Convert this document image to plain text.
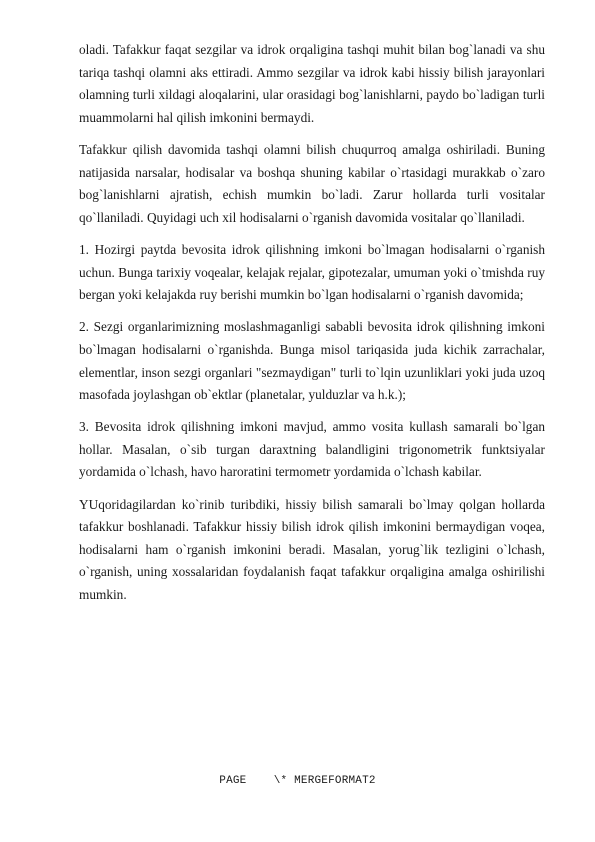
oladi. Tafakkur faqat sezgilar va idrok orqaligina tashqi muhit bilan bog`lanadi va shu tariqa tashqi olamni aks ettiradi. Ammo sezgilar va idrok kabi hissiy bilish jarayonlari olamning turli xildagi aloqalarini, ular orasidagi bog`lanishlarni, paydo bo`ladigan turli muammolarni hal qilish imkonini bermaydi.

Tafakkur qilish davomida tashqi olamni bilish chuqurroq amalga oshiriladi. Buning natijasida narsalar, hodisalar va boshqa shuning kabilar o`rtasidagi murakkab o`zaro bog`lanishlarni ajratish, echish mumkin bo`ladi. Zarur hollarda turli vositalar qo`llaniladi. Quyidagi uch xil hodisalarni o`rganish davomida vositalar qo`llaniladi.

1. Hozirgi paytda bevosita idrok qilishning imkoni bo`lmagan hodisalarni o`rganish uchun. Bunga tarixiy voqealar, kelajak rejalar, gipotezalar, umuman yoki o`tmishda ruy bergan yoki kelajakda ruy berishi mumkin bo`lgan hodisalarni o`rganish davomida;

2. Sezgi organlarimizning moslashmaganligi sababli bevosita idrok qilishning imkoni bo`lmagan hodisalarni o`rganishda. Bunga misol tariqasida juda kichik zarrachalar, elementlar, inson sezgi organlari "sezmaydigan" turli to`lqin uzunliklari yoki juda uzoq masofada joylashgan ob`ektlar (planetalar, yulduzlar va h.k.);

3. Bevosita idrok qilishning imkoni mavjud, ammo vosita kullash samarali bo`lgan hollar. Masalan, o`sib turgan daraxtning balandligini trigonometrik funktsiyalar yordamida o`lchash, havo haroratini termometr yordamida o`lchash kabilar.

YUqoridagilardan ko`rinib turibdiki, hissiy bilish samarali bo`lmay qolgan hollarda tafakkur boshlanadi. Tafakkur hissiy bilish idrok qilish imkonini bermaydigan voqea, hodisalarni ham o`rganish imkonini beradi. Masalan, yorug`lik tezligini o`lchash, o`rganish, uning xossalaridan foydalanish faqat tafakkur orqaligina amalga oshirilishi mumkin.

PAGE    \* MERGEFORMAT2
